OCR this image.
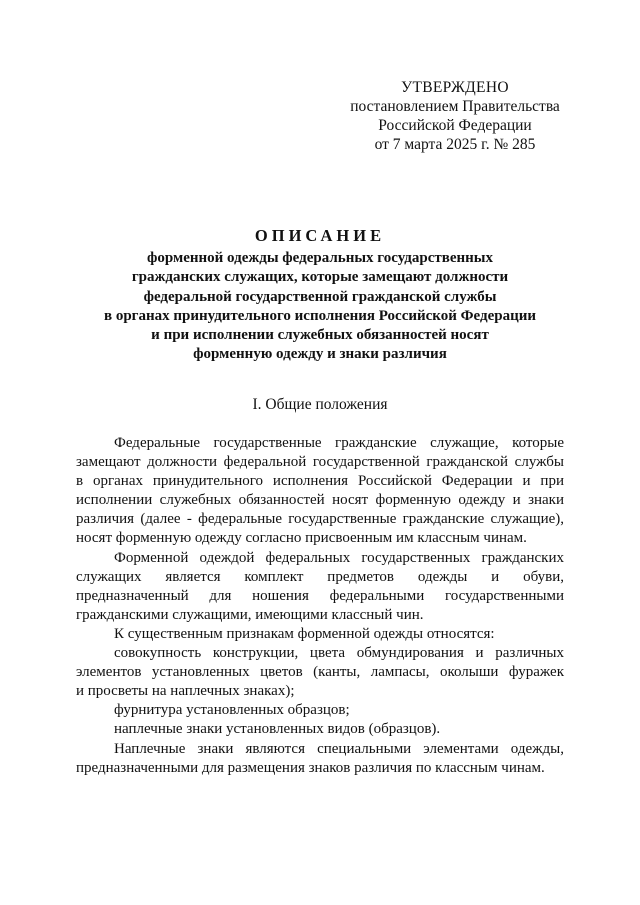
УТВЕРЖДЕНО
постановлением Правительства
Российской Федерации
от 7 марта 2025 г. № 285
ОПИСАНИЕ
форменной одежды федеральных государственных
гражданских служащих, которые замещают должности
федеральной государственной гражданской службы
в органах принудительного исполнения Российской Федерации
и при исполнении служебных обязанностей носят
форменную одежду и знаки различия
I. Общие положения

Федеральные государственные гражданские служащие, которые
замещают должности федеральной государственной гражданской службы
в органах принудительного исполнения Российской Федерации и при
исполнении служебных обязанностей носят форменную одежду и знаки
различия (далее - федеральные государственные гражданские служащие),
носят форменную одежду согласно присвоенным им классным чинам.

Форменной одеждой федеральных государственных гражданских
служащих является комплект предметов одежды и обуви,
предназначенный для ношения федеральными государственными
гражданскими служащими, имеющими классный чин.

К существенным признакам форменной одежды относятся:

совокупность конструкции, цвета обмундирования и различных
элементов установленных цветов (канты, лампасы, околыши фуражек
и просветы на наплечных знаках);

фурнитура установленных образцов;

наплечные знаки установленных видов (образцов).

Наплечные знаки являются специальными элементами одежды,
предназначенными для размещения знаков различия по классным чинам.
